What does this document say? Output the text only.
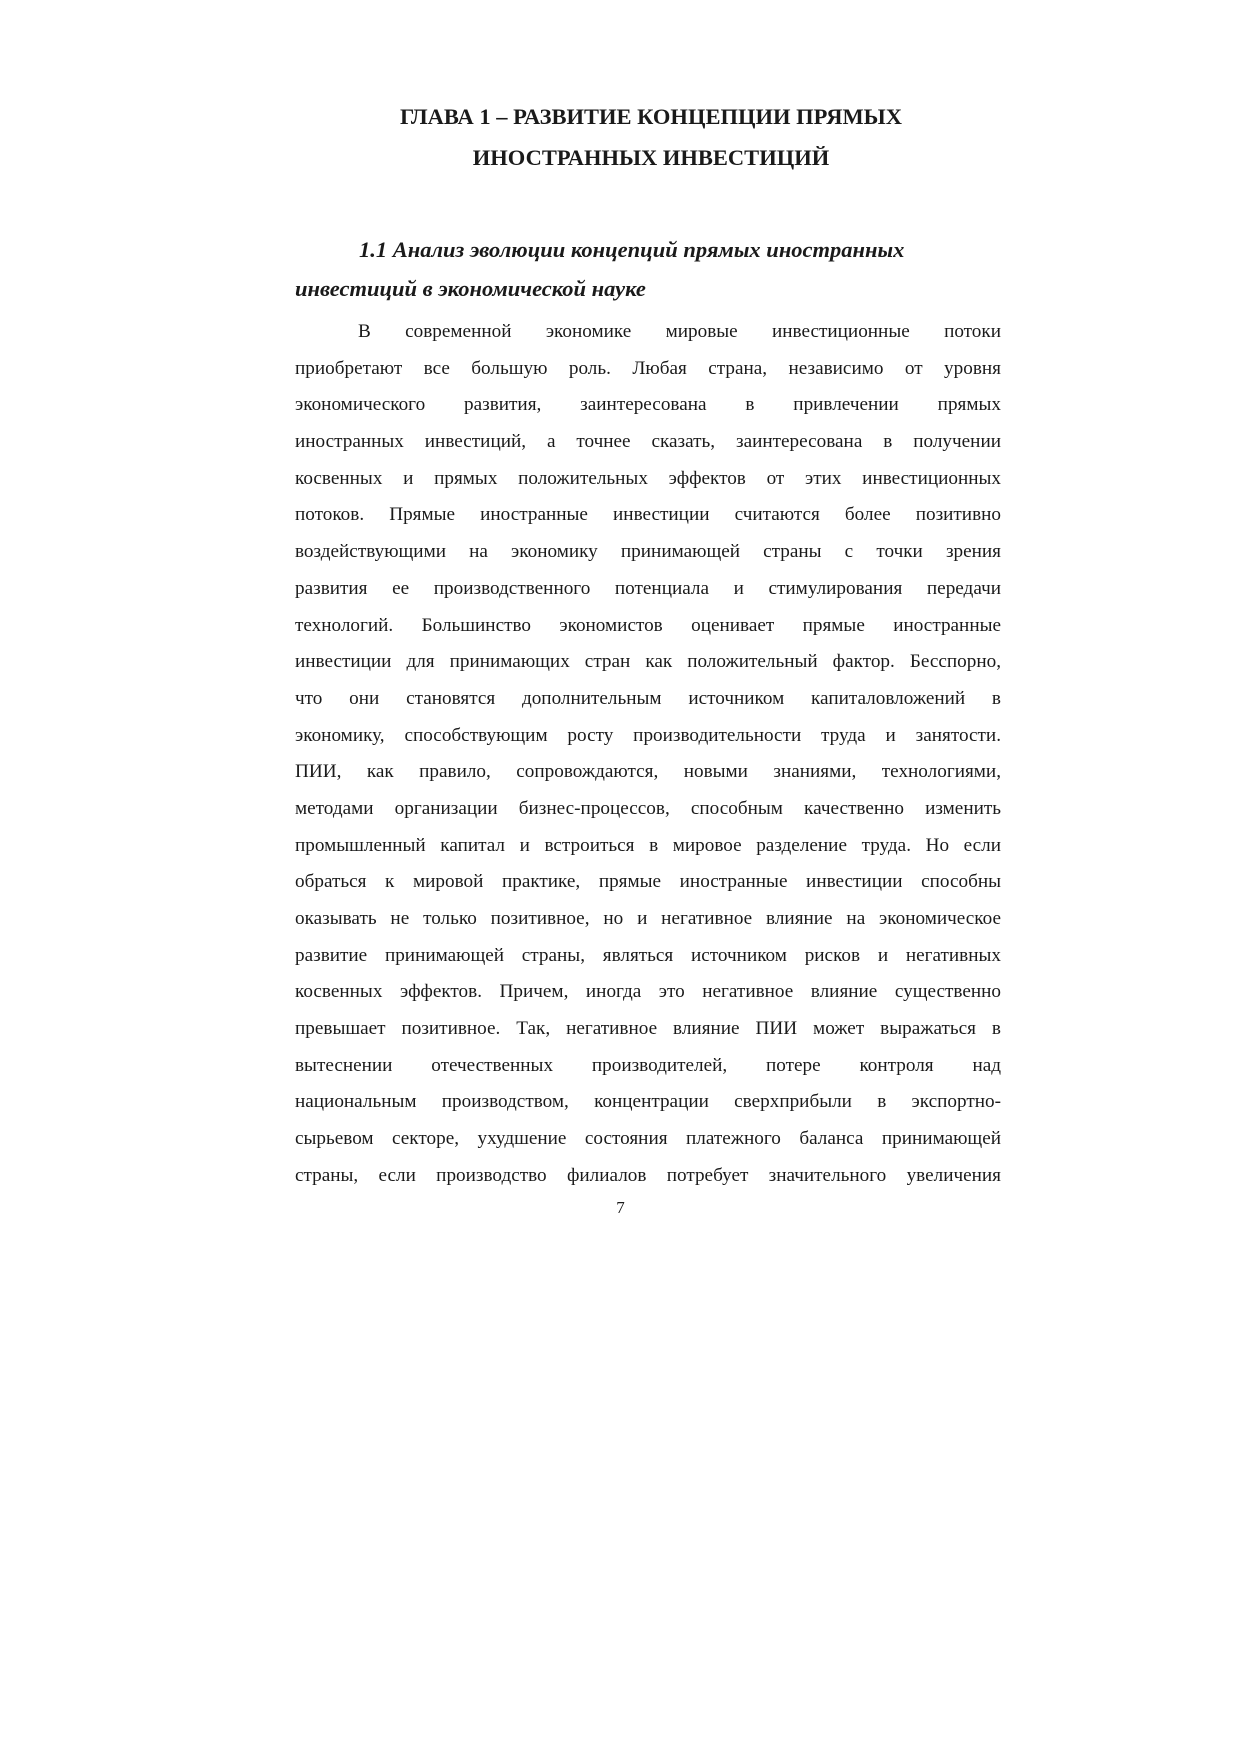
ГЛАВА 1 – РАЗВИТИЕ КОНЦЕПЦИИ ПРЯМЫХ
ИНОСТРАННЫХ ИНВЕСТИЦИЙ
1.1 Анализ эволюции концепций прямых иностранных
инвестиций в экономической науке

В современной экономике мировые инвестиционные потоки
приобретают все большую роль. Любая страна, независимо от уровня
экономического развития, заинтересована в привлечении прямых
иностранных инвестиций, а точнее сказать, заинтересована в получении
косвенных и прямых положительных эффектов от этих инвестиционных
потоков. Прямые иностранные инвестиции считаются более позитивно
воздействующими на экономику принимающей страны с точки зрения
развития ее производственного потенциала и стимулирования передачи
технологий. Большинство экономистов оценивает прямые иностранные
инвестиции для принимающих стран как положительный фактор. Бесспорно,
что они становятся дополнительным источником капиталовложений в
экономику, способствующим росту производительности труда и занятости.
ПИИ, как правило, сопровождаются, новыми знаниями, технологиями,
методами организации бизнес-процессов, способным качественно изменить
промышленный капитал и встроиться в мировое разделение труда. Но если
обраться к мировой практике, прямые иностранные инвестиции способны
оказывать не только позитивное, но и негативное влияние на экономическое
развитие принимающей страны, являться источником рисков и негативных
косвенных эффектов. Причем, иногда это негативное влияние существенно
превышает позитивное. Так, негативное влияние ПИИ может выражаться в
вытеснении отечественных производителей, потере контроля над
национальным производством, концентрации сверхприбыли в экспортно-
сырьевом секторе, ухудшение состояния платежного баланса принимающей
страны, если производство филиалов потребует значительного увеличения

7
